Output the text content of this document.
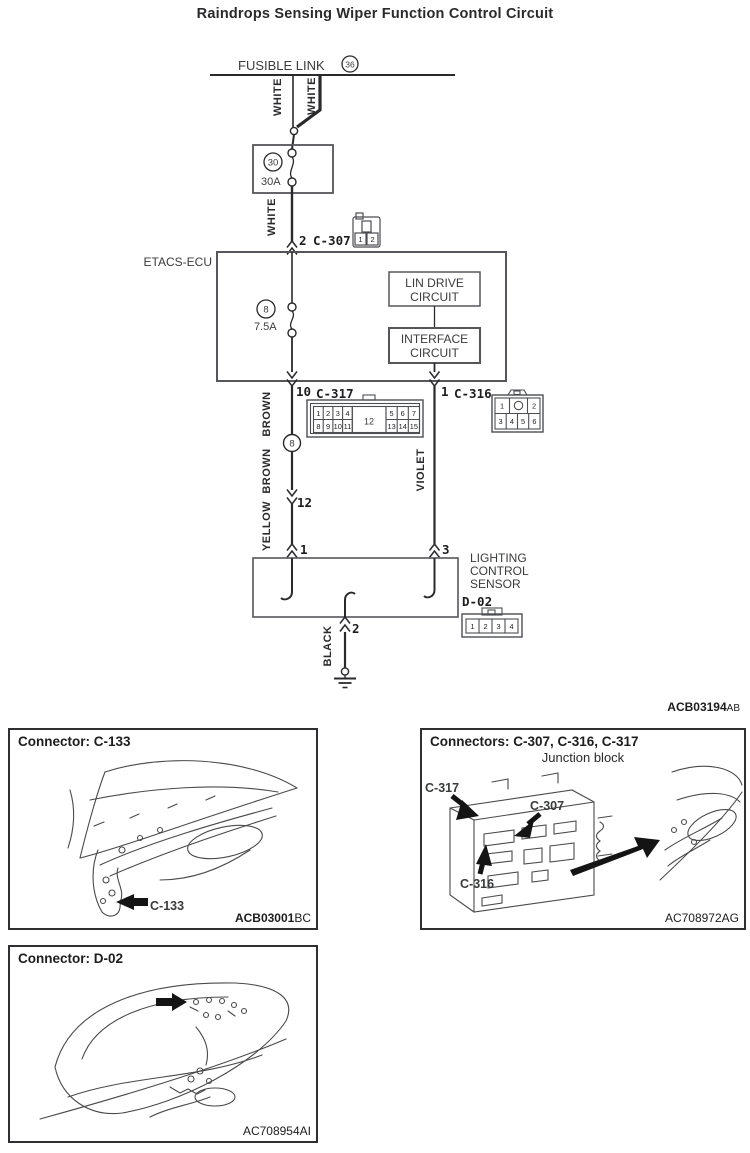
Raindrops Sensing Wiper Function Control Circuit
FUSIBLE LINK 36
WHITE WHITE
30
30A
WHITE
2 C-307 1 2
ETACS-ECU
8
7.5A
LIN DRIVE
CIRCUIT
INTERFACE
CIRCUIT
10 C-317	1 C-316
1 2 3 4
12
5 6 7
8 9 10 11	13 14 15
1	2
3 4 5 6
BROWN
8
BROWN
12
YELLOW
VIOLET
1	3
LIGHTING
CONTROL
SENSOR
D-02
1 2 3 4
2
BLACK
ACB03194AB
C-133
Connector: C-133
ACB03001BC
C-317
C-307
C-316
Connectors: C-307, C-316, C-317
Junction block
AC708972AG
Connector: D-02
AC708954AI
